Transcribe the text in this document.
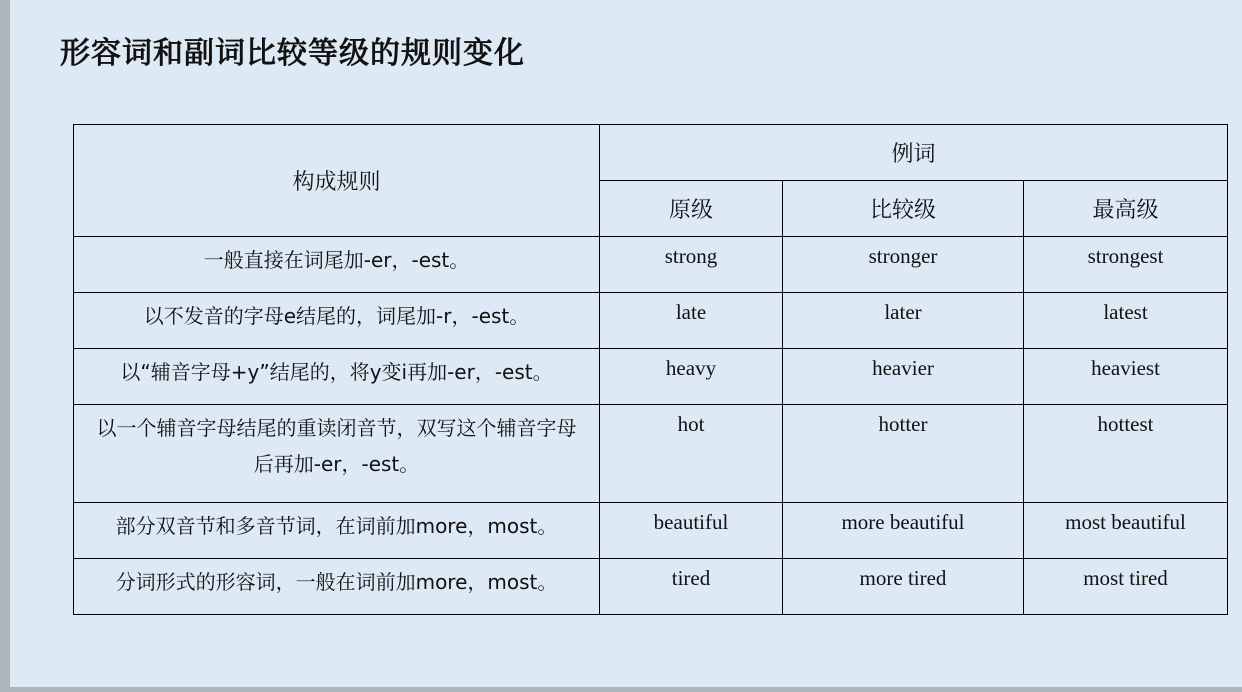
形容词和副词比较等级的规则变化
构成规则	例词		
	原级	比较级	最高级
一般直接在词尾加-er，-est。	strong	stronger	strongest
以不发音的字母e结尾的，词尾加-r，-est。	late	later	latest
以“辅音字母+y”结尾的，将y变i再加-er，-est。	heavy	heavier	heaviest
以一个辅音字母结尾的重读闭音节，双写这个辅音字母后再加-er，-est。	hot	hotter	hottest
部分双音节和多音节词，在词前加more，most。	beautiful	more beautiful	most beautiful
分词形式的形容词，一般在词前加more，most。	tired	more tired	most tired
